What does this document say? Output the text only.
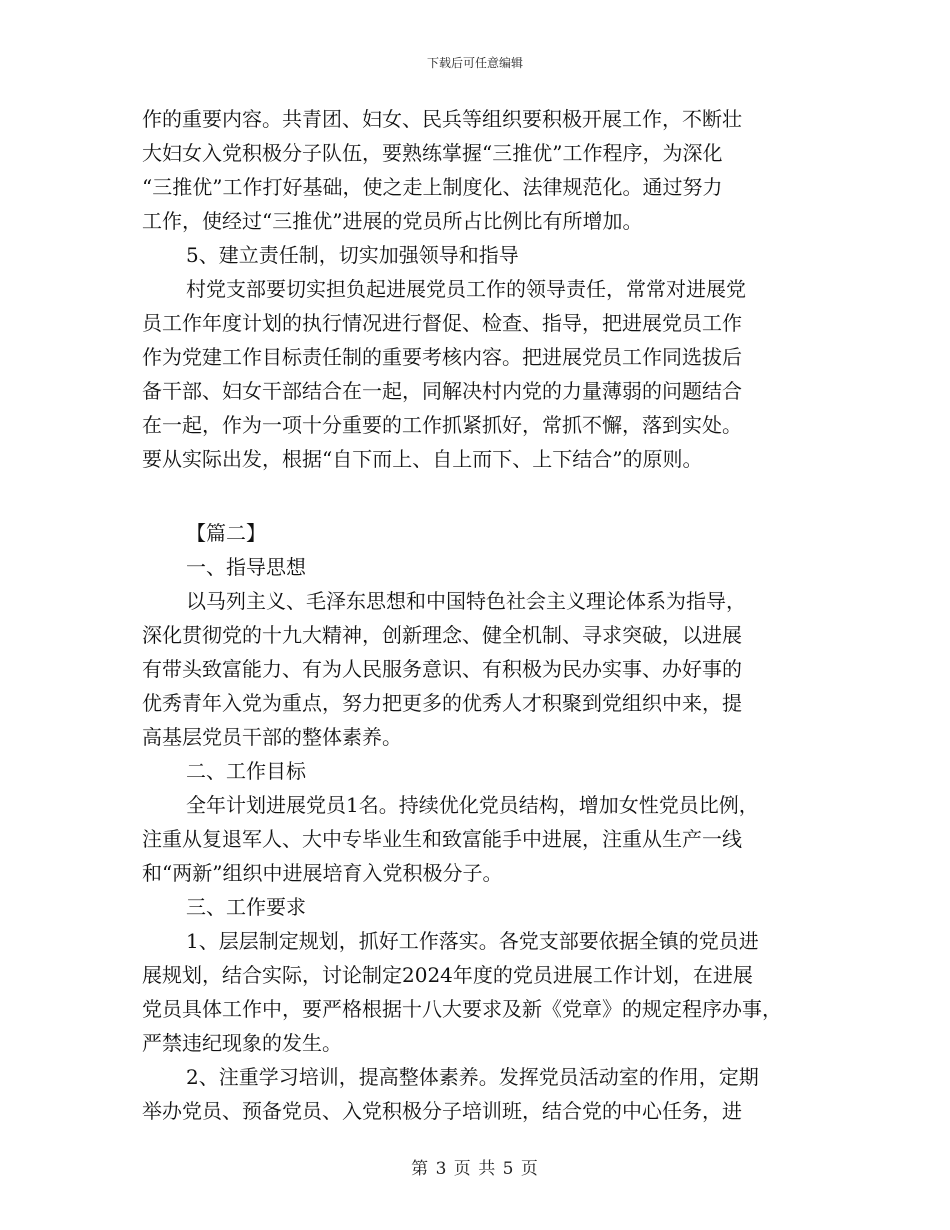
下载后可任意编辑

作的重要内容。共青团、妇女、民兵等组织要积极开展工作，不断壮

大妇女入党积极分子队伍，要熟练掌握“三推优”工作程序，为深化

“三推优”工作打好基础，使之走上制度化、法律规范化。通过努力

工作，使经过“三推优”进展的党员所占比例比有所增加。

5、建立责任制，切实加强领导和指导

村党支部要切实担负起进展党员工作的领导责任，常常对进展党

员工作年度计划的执行情况进行督促、检查、指导，把进展党员工作

作为党建工作目标责任制的重要考核内容。把进展党员工作同选拔后

备干部、妇女干部结合在一起，同解决村内党的力量薄弱的问题结合

在一起，作为一项十分重要的工作抓紧抓好，常抓不懈，落到实处。

要从实际出发，根据“自下而上、自上而下、上下结合”的原则。

【篇二】

一、指导思想

以马列主义、毛泽东思想和中国特色社会主义理论体系为指导，

深化贯彻党的十九大精神，创新理念、健全机制、寻求突破，以进展

有带头致富能力、有为人民服务意识、有积极为民办实事、办好事的

优秀青年入党为重点，努力把更多的优秀人才积聚到党组织中来，提

高基层党员干部的整体素养。

二、工作目标

全年计划进展党员1名。持续优化党员结构，增加女性党员比例，

注重从复退军人、大中专毕业生和致富能手中进展，注重从生产一线

和“两新”组织中进展培育入党积极分子。

三、工作要求

1、层层制定规划，抓好工作落实。各党支部要依据全镇的党员进

展规划，结合实际，讨论制定2024年度的党员进展工作计划，在进展

党员具体工作中，要严格根据十八大要求及新《党章》的规定程序办事，

严禁违纪现象的发生。

2、注重学习培训，提高整体素养。发挥党员活动室的作用，定期

举办党员、预备党员、入党积极分子培训班，结合党的中心任务，进

第 3 页 共 5 页
